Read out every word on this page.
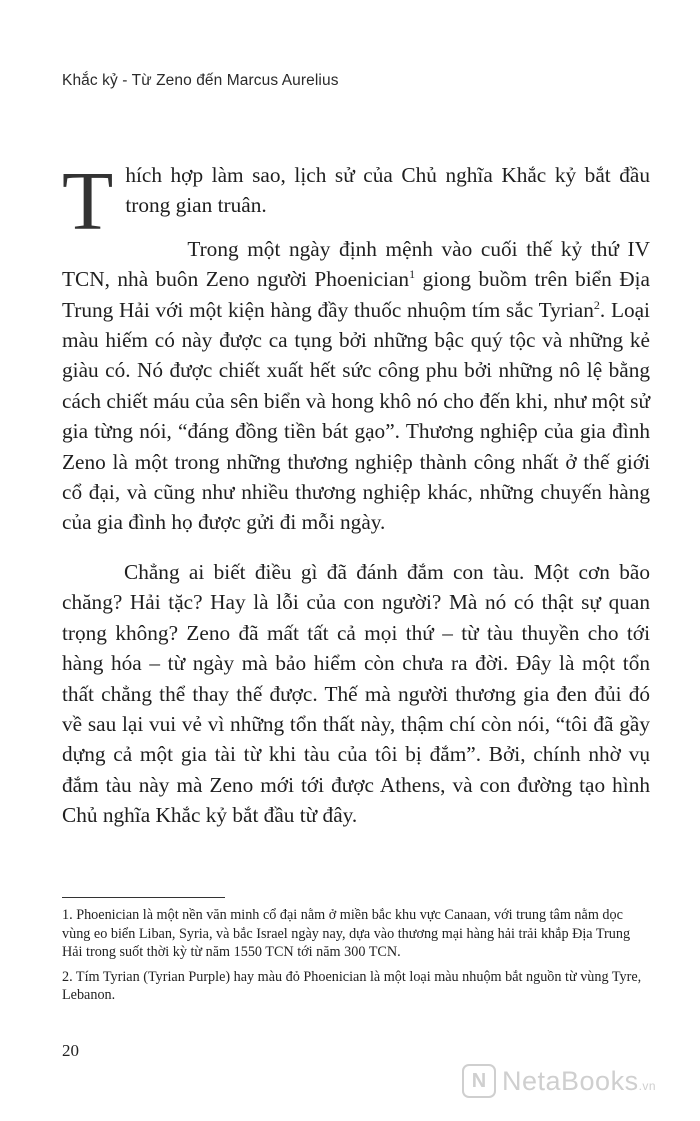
Khắc kỷ - Từ Zeno đến Marcus Aurelius

Thích hợp làm sao, lịch sử của Chủ nghĩa Khắc kỷ bắt đầu trong gian truân.

Trong một ngày định mệnh vào cuối thế kỷ thứ IV TCN, nhà buôn Zeno người Phoenician$^1$ giong buồm trên biển Địa Trung Hải với một kiện hàng đầy thuốc nhuộm tím sắc Tyrian$^2$. Loại màu hiếm có này được ca tụng bởi những bậc quý tộc và những kẻ giàu có. Nó được chiết xuất hết sức công phu bởi những nô lệ bằng cách chiết máu của sên biển và hong khô nó cho đến khi, như một sử gia từng nói, “đáng đồng tiền bát gạo”. Thương nghiệp của gia đình Zeno là một trong những thương nghiệp thành công nhất ở thế giới cổ đại, và cũng như nhiều thương nghiệp khác, những chuyến hàng của gia đình họ được gửi đi mỗi ngày.

Chẳng ai biết điều gì đã đánh đắm con tàu. Một cơn bão chăng? Hải tặc? Hay là lỗi của con người? Mà nó có thật sự quan trọng không? Zeno đã mất tất cả mọi thứ – từ tàu thuyền cho tới hàng hóa – từ ngày mà bảo hiểm còn chưa ra đời. Đây là một tổn thất chẳng thể thay thế được. Thế mà người thương gia đen đủi đó về sau lại vui vẻ vì những tổn thất này, thậm chí còn nói, “tôi đã gầy dựng cả một gia tài từ khi tàu của tôi bị đắm”. Bởi, chính nhờ vụ đắm tàu này mà Zeno mới tới được Athens, và con đường tạo hình Chủ nghĩa Khắc kỷ bắt đầu từ đây.

1. Phoenician là một nền văn minh cổ đại nằm ở miền bắc khu vực Canaan, với trung tâm nằm dọc vùng eo biển Liban, Syria, và bắc Israel ngày nay, dựa vào thương mại hàng hải trải khắp Địa Trung Hải trong suốt thời kỳ từ năm 1550 TCN tới năm 300 TCN.

2. Tím Tyrian (Tyrian Purple) hay màu đỏ Phoenician là một loại màu nhuộm bắt nguồn từ vùng Tyre, Lebanon.

20
N NetaBooks.vn
